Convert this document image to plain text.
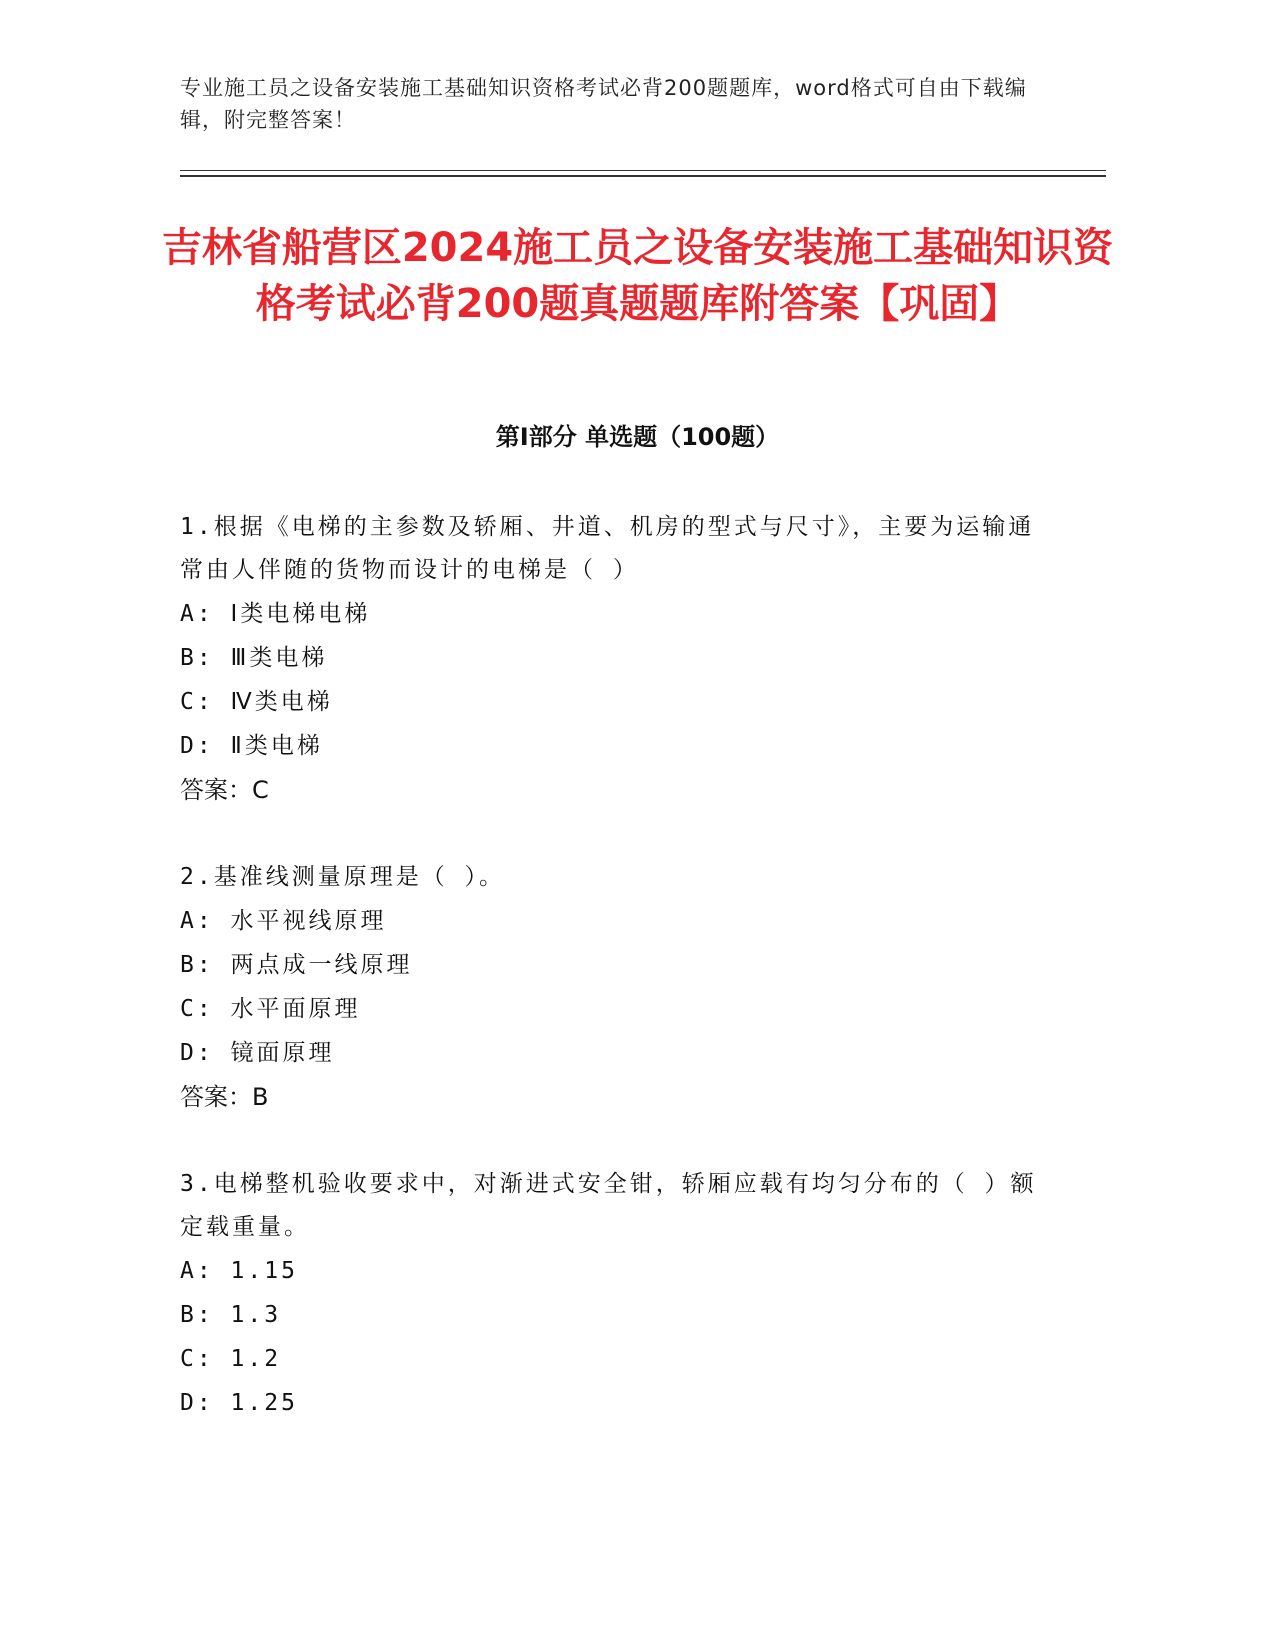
专业施工员之设备安装施工基础知识资格考试必背200题题库，word格式可自由下载编辑，附完整答案！
吉林省船营区2024施工员之设备安装施工基础知识资格考试必背200题真题题库附答案【巩固】
第Ⅰ部分 单选题（100题）

1.根据《电梯的主参数及轿厢、井道、机房的型式与尺寸》，主要为运输通常由人伴随的货物而设计的电梯是（ ）

A: Ⅰ类电梯电梯

B: Ⅲ类电梯

C: Ⅳ类电梯

D: Ⅱ类电梯

答案：C

2.基准线测量原理是（ ）。

A: 水平视线原理

B: 两点成一线原理

C: 水平面原理

D: 镜面原理

答案：B

3.电梯整机验收要求中，对渐进式安全钳，轿厢应载有均匀分布的（ ）额定载重量。

A: 1.15

B: 1.3

C: 1.2

D: 1.25
